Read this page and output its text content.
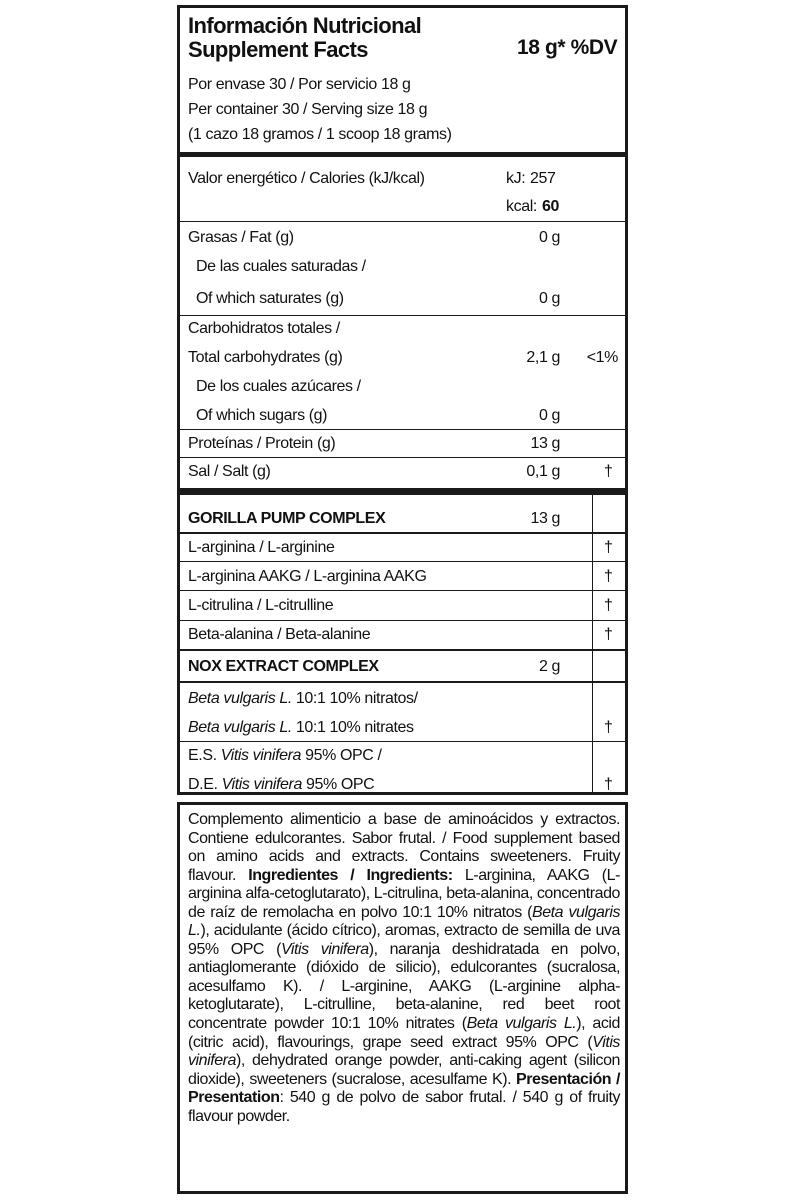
Información Nutricional
Supplement Facts	18 g* %DV
Por envase 30 / Por servicio 18 g
Per container 30 / Serving size 18 g
(1 cazo 18 gramos / 1 scoop 18 grams)
Valor energético / Calories (kJ/kcal)	kJ: 257
kcal: 60
Grasas / Fat (g)	0 g
De las cuales saturadas /
Of which saturates (g)	0 g
Carbohidratos totales /
Total carbohydrates (g)	2,1 g	<1%
De los cuales azúcares /
Of which sugars (g)	0 g
Proteínas / Protein (g)	13 g
Sal / Salt (g)	0,1 g	†
GORILLA PUMP COMPLEX	13 g
L-arginina / L-arginine	†
L-arginina AAKG / L-arginina AAKG	†
L-citrulina / L-citrulline	†
Beta-alanina / Beta-alanine	†
NOX EXTRACT COMPLEX	2 g
Beta vulgaris L. 10:1 10% nitratos/
Beta vulgaris L. 10:1 10% nitrates	†
E.S. Vitis vinifera 95% OPC /
D.E. Vitis vinifera 95% OPC	†
Complemento alimenticio a base de aminoácidos y extractos. Contiene edulcorantes. Sabor frutal. / Food supplement based on amino acids and extracts. Contains sweeteners. Fruity flavour. Ingredientes / Ingredients: L-arginina, AAKG (L- arginina alfa-cetoglutarato), L-citrulina, beta-alanina, concentrado de raíz de remolacha en polvo 10:1 10% nitratos (Beta vulgaris L.), acidulante (ácido cítrico), aromas, extracto de semilla de uva 95% OPC (Vitis vinifera), naranja deshidratada en polvo, antiaglomerante (dióxido de silicio), edulcorantes (sucralosa, acesulfamo K). / L-arginine, AAKG (L-arginine alpha-ketoglutarate), L-citrulline, beta-alanine, red beet root concentrate powder 10:1 10% nitrates (Beta vulgaris L.), acid (citric acid), flavourings, grape seed extract 95% OPC (Vitis vinifera), dehydrated orange powder, anti-caking agent (silicon dioxide), sweeteners (sucralose, acesulfame K). Presentación / Presentation: 540 g de polvo de sabor frutal. / 540 g of fruity flavour powder.
